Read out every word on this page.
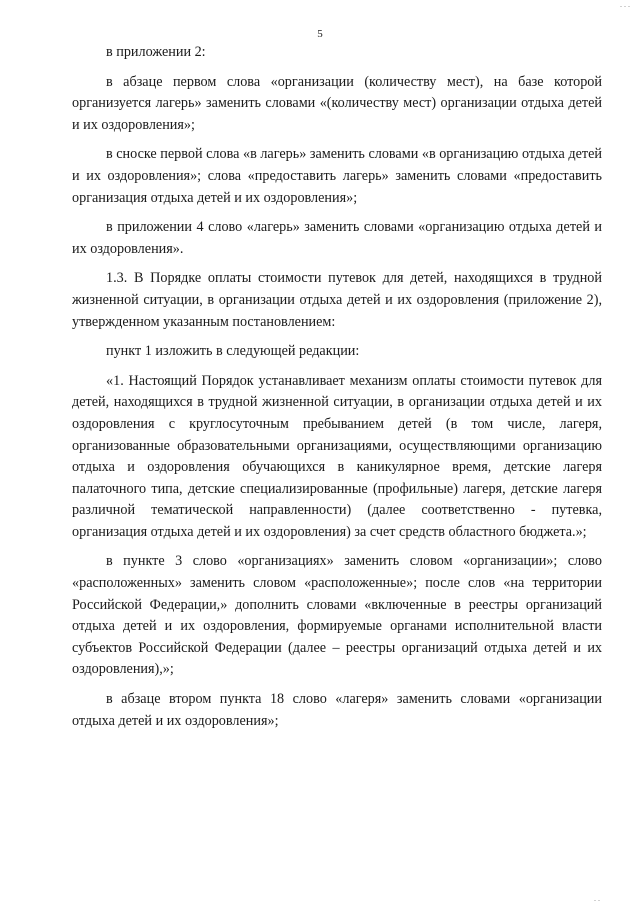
. . .
5

в приложении 2:

в абзаце первом слова «организации (количеству мест), на базе которой организуется лагерь» заменить словами «(количеству мест) организации отдыха детей и их оздоровления»;

в сноске первой слова «в лагерь» заменить словами «в организацию отдыха детей и их оздоровления»; слова «предоставить лагерь» заменить словами «предоставить организация отдыха детей и их оздоровления»;

в приложении 4 слово «лагерь» заменить словами «организацию отдыха детей и их оздоровления».

1.3. В Порядке оплаты стоимости путевок для детей, находящихся в трудной жизненной ситуации, в организации отдыха детей и их оздоровления (приложение 2), утвержденном указанным постановлением:

пункт 1 изложить в следующей редакции:

«1. Настоящий Порядок устанавливает механизм оплаты стоимости путевок для детей, находящихся в трудной жизненной ситуации, в организации отдыха детей и их оздоровления с круглосуточным пребыванием детей (в том числе, лагеря, организованные образовательными организациями, осуществляющими организацию отдыха и оздоровления обучающихся в каникулярное время, детские лагеря палаточного типа, детские специализированные (профильные) лагеря, детские лагеря различной тематической направленности) (далее соответственно - путевка, организация отдыха детей и их оздоровления) за счет средств областного бюджета.»;

в пункте 3 слово «организациях» заменить словом «организации»; слово «расположенных» заменить словом «расположенные»; после слов «на территории Российской Федерации,» дополнить словами «включенные в реестры организаций отдыха детей и их оздоровления, формируемые органами исполнительной власти субъектов Российской Федерации (далее – реестры организаций отдыха детей и их оздоровления),»;

в абзаце втором пункта 18 слово «лагеря» заменить словами «организации отдыха детей и их оздоровления»;

. .
